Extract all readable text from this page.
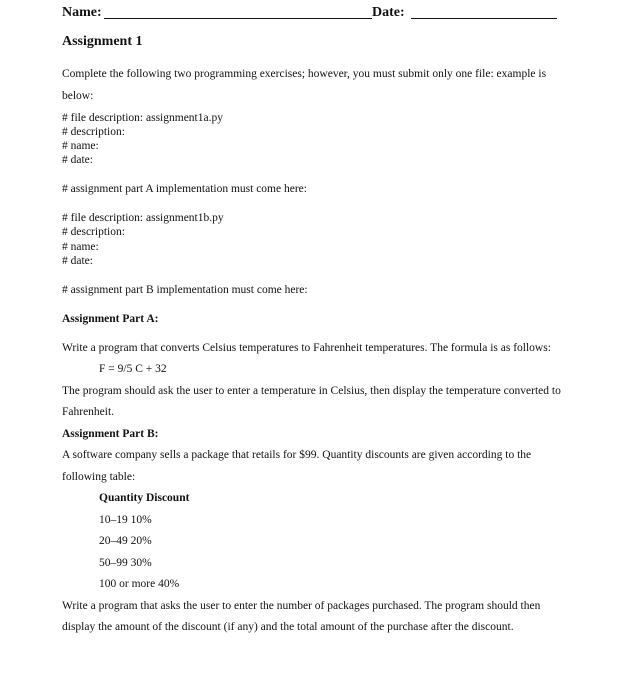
Name:	Date:
Assignment 1
Complete the following two programming exercises; however, you must submit only one file: example is
below:
# file description: assignment1a.py
# description:
# name:
# date:
# assignment part A implementation must come here:
# file description: assignment1b.py
# description:
# name:
# date:
# assignment part B implementation must come here:
Assignment Part A:
Write a program that converts Celsius temperatures to Fahrenheit temperatures. The formula is as follows:
F = 9/5 C + 32
The program should ask the user to enter a temperature in Celsius, then display the temperature converted to
Fahrenheit.
Assignment Part B:
A software company sells a package that retails for $99. Quantity discounts are given according to the
following table:
Quantity Discount
10–19 10%
20–49 20%
50–99 30%
100 or more 40%
Write a program that asks the user to enter the number of packages purchased. The program should then
display the amount of the discount (if any) and the total amount of the purchase after the discount.
